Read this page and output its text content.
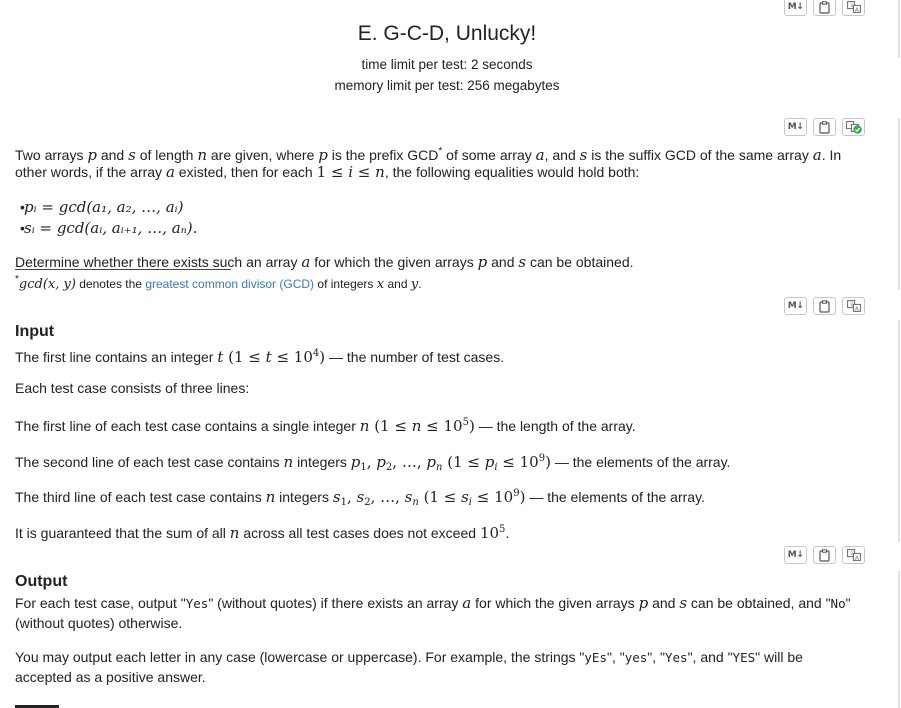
M↓	文
A
E. G-C-D, Unlucky!
time limit per test: 2 seconds
memory limit per test: 256 megabytes
M↓
Two arrays p and s of length n are given, where p is the prefix GCD* of some array a, and s is the suffix GCD of the same array a. In
other words, if the array a existed, then for each 1 ≤ i ≤ n, the following equalities would hold both:
• pᵢ = gcd(a₁, a₂, …, aᵢ)
• sᵢ = gcd(aᵢ, aᵢ₊₁, …, aₙ).
Determine whether there exists such an array a for which the given arrays p and s can be obtained.
*gcd(x, y) denotes the greatest common divisor (GCD) of integers x and y.
M↓	文
A
Input
The first line contains an integer t $(1 \le t \le 10^4)$ — the number of test cases.
Each test case consists of three lines:
The first line of each test case contains a single integer n $(1 \le n \le 10^5)$ — the length of the array.
The second line of each test case contains n integers $p_1$, $p_2$, …, $p_n$ $(1 \le p_i \le 10^9)$ — the elements of the array.
The third line of each test case contains n integers $s_1$, $s_2$, …, $s_n$ $(1 \le s_i \le 10^9)$ — the elements of the array.
It is guaranteed that the sum of all n across all test cases does not exceed $10^5$.
M↓	文
A
Output
For each test case, output "Yes" (without quotes) if there exists an array a for which the given arrays p and s can be obtained, and "No"
(without quotes) otherwise.
You may output each letter in any case (lowercase or uppercase). For example, the strings "yEs", "yes", "Yes", and "YES" will be
accepted as a positive answer.
